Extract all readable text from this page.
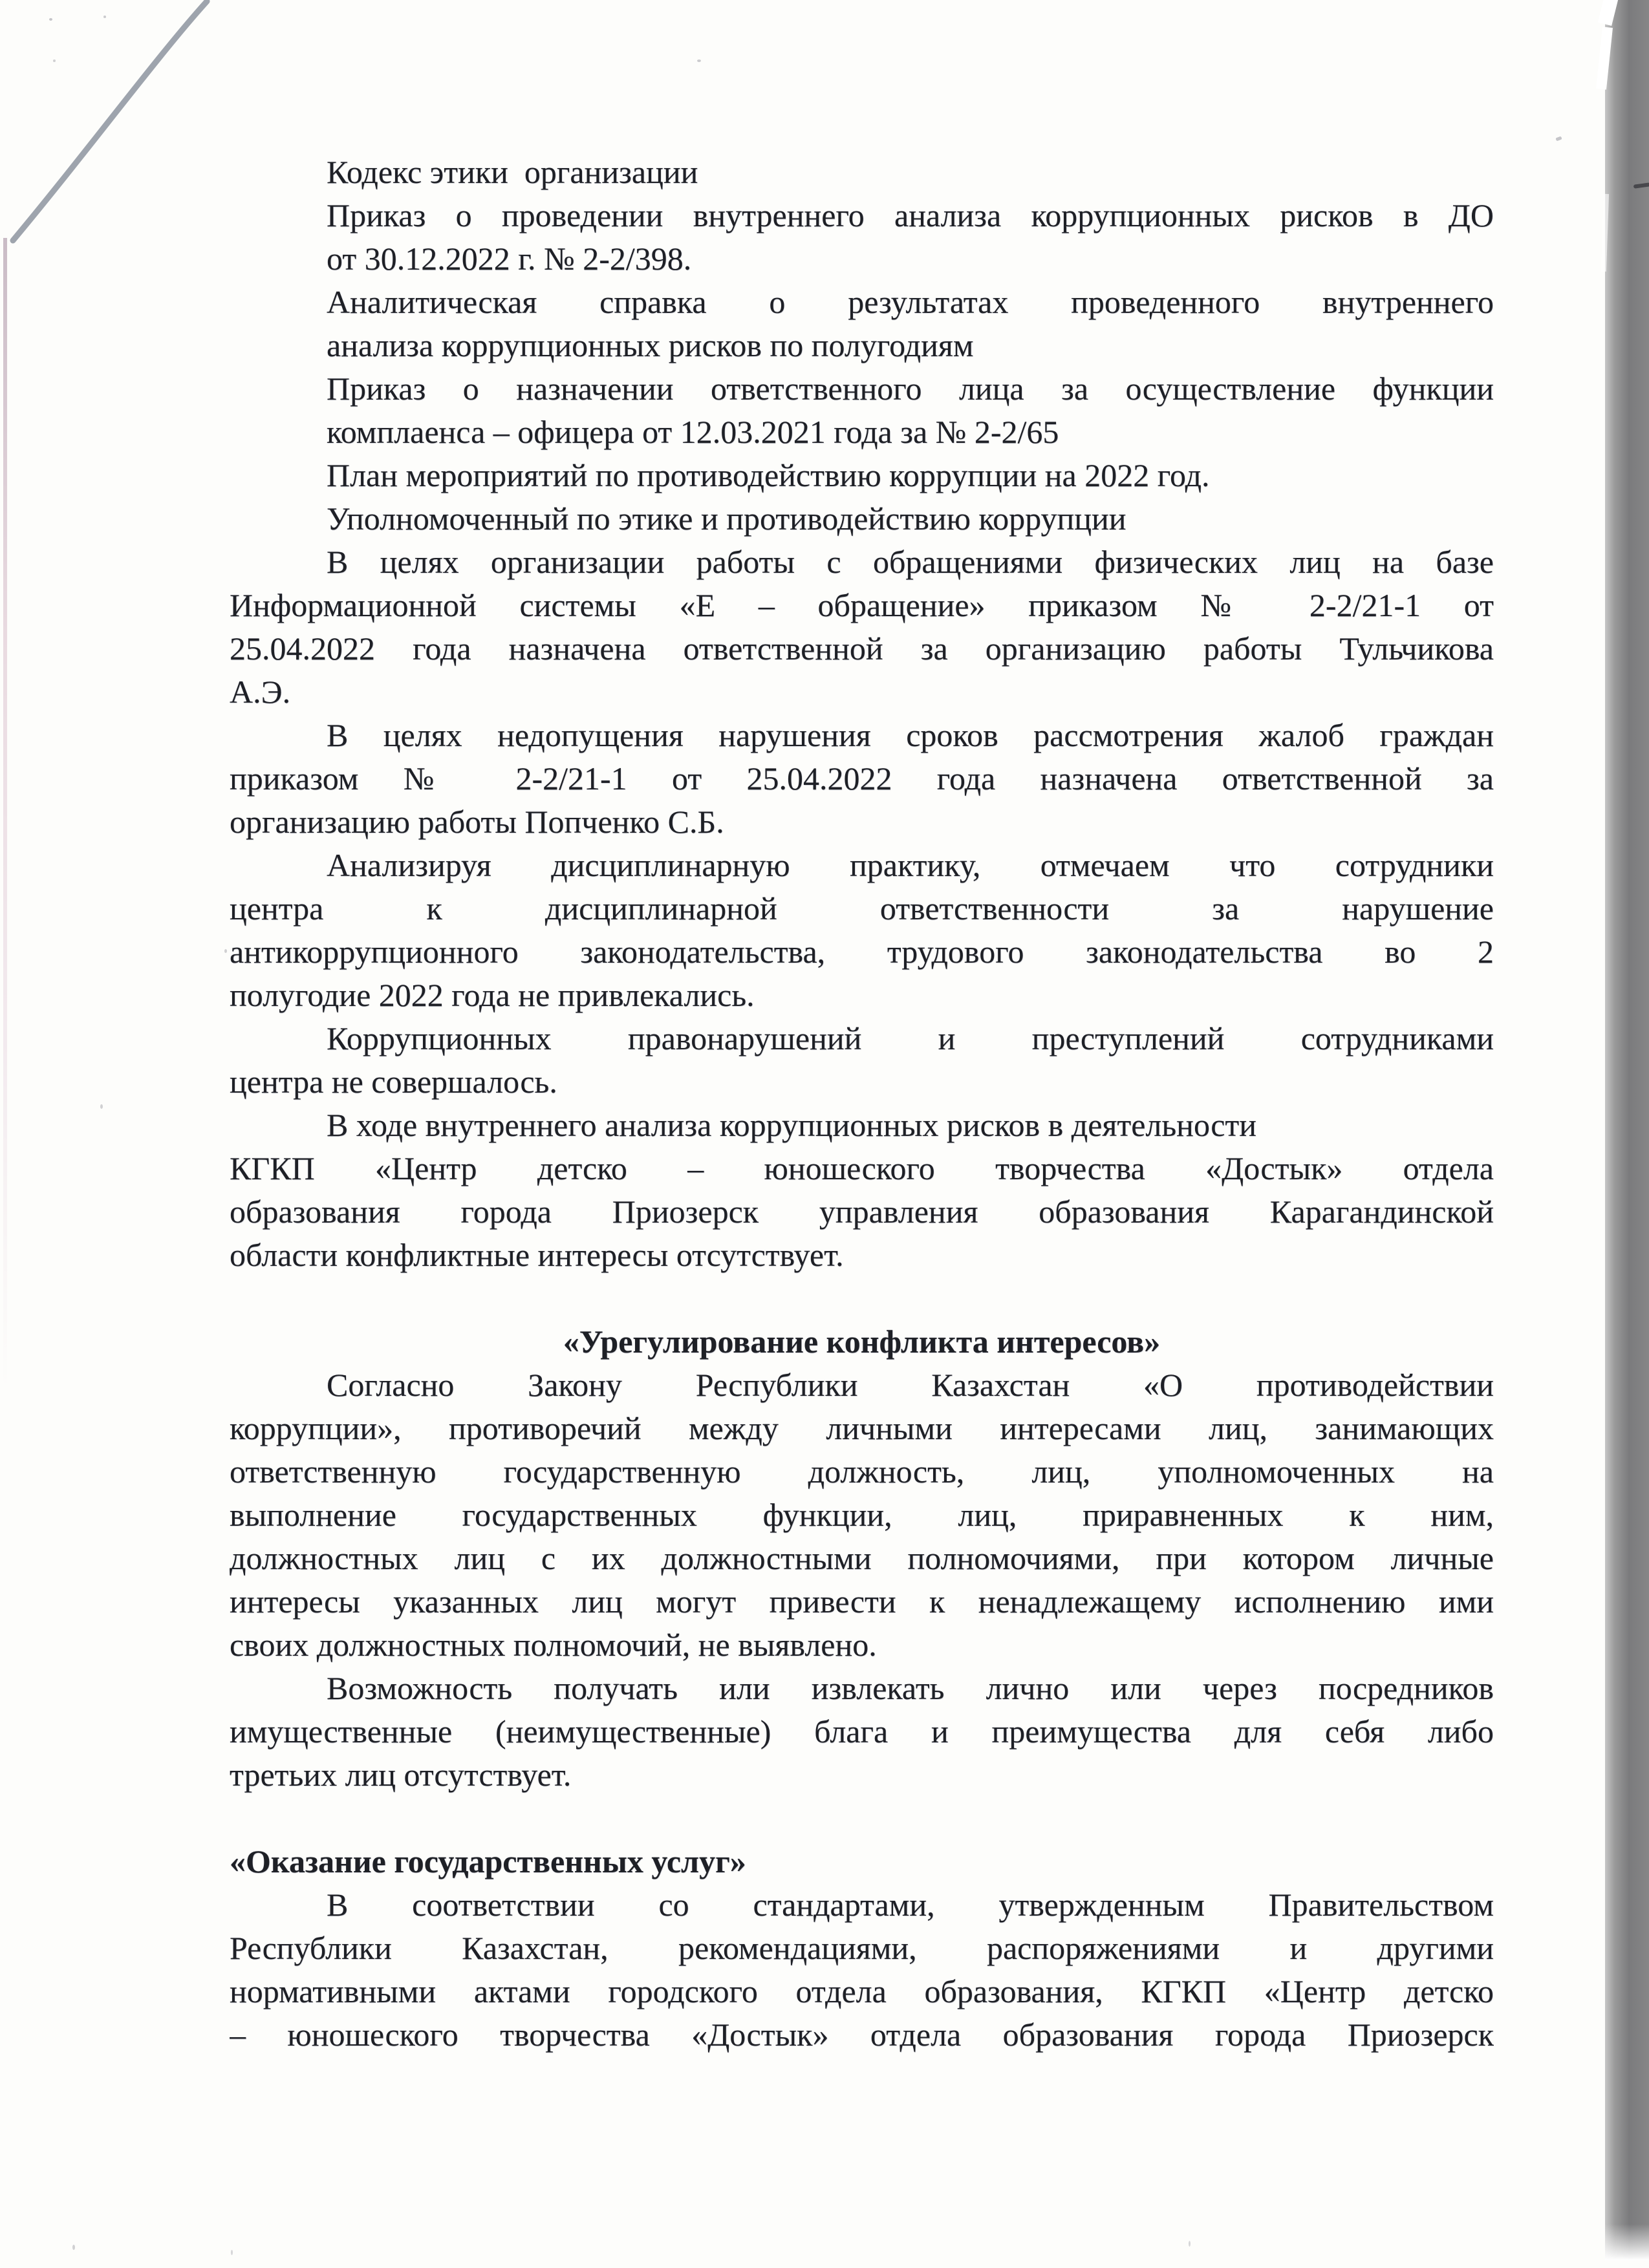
Кодекс этики  организации
Приказ о проведении внутреннего анализа коррупционных рисков в ДО
от 30.12.2022 г. № 2-2/398.
Аналитическая справка о результатах проведенного внутреннего
анализа коррупционных рисков по полугодиям
Приказ о назначении ответственного лица за осуществление функции
комплаенса – офицера от 12.03.2021 года за № 2-2/65
План мероприятий по противодействию коррупции на 2022 год.
Уполномоченный по этике и противодействию коррупции
В целях организации работы с обращениями физических лиц на базе
Информационной системы «Е – обращение» приказом № 2-2/21-1 от
25.04.2022 года назначена ответственной за организацию работы Тульчикова
А.Э.
В целях недопущения нарушения сроков рассмотрения жалоб граждан
приказом № 2-2/21-1 от 25.04.2022 года назначена ответственной за
организацию работы Попченко С.Б.
Анализируя дисциплинарную практику, отмечаем что сотрудники
центра к дисциплинарной ответственности за нарушение
антикоррупционного законодательства, трудового законодательства во 2
полугодие 2022 года не привлекались.
Коррупционных правонарушений и преступлений сотрудниками
центра не совершалось.
В ходе внутреннего анализа коррупционных рисков в деятельности
КГКП «Центр детско – юношеского творчества «Достык» отдела
образования города Приозерск управления образования Карагандинской
области конфликтные интересы отсутствует.
«Урегулирование конфликта интересов»
Согласно Закону Республики Казахстан «О противодействии
коррупции», противоречий между личными интересами лиц, занимающих
ответственную государственную должность, лиц, уполномоченных на
выполнение государственных функции, лиц, приравненных к ним,
должностных лиц с их должностными полномочиями, при котором личные
интересы указанных лиц могут привести к ненадлежащему исполнению ими
своих должностных полномочий, не выявлено.
Возможность получать или извлекать лично или через посредников
имущественные (неимущественные) блага и преимущества для себя либо
третьих лиц отсутствует.
«Оказание государственных услуг»
В соответствии со стандартами, утвержденным Правительством
Республики Казахстан, рекомендациями, распоряжениями и другими
нормативными актами городского отдела образования, КГКП «Центр детско
– юношеского творчества «Достык» отдела образования города Приозерск
